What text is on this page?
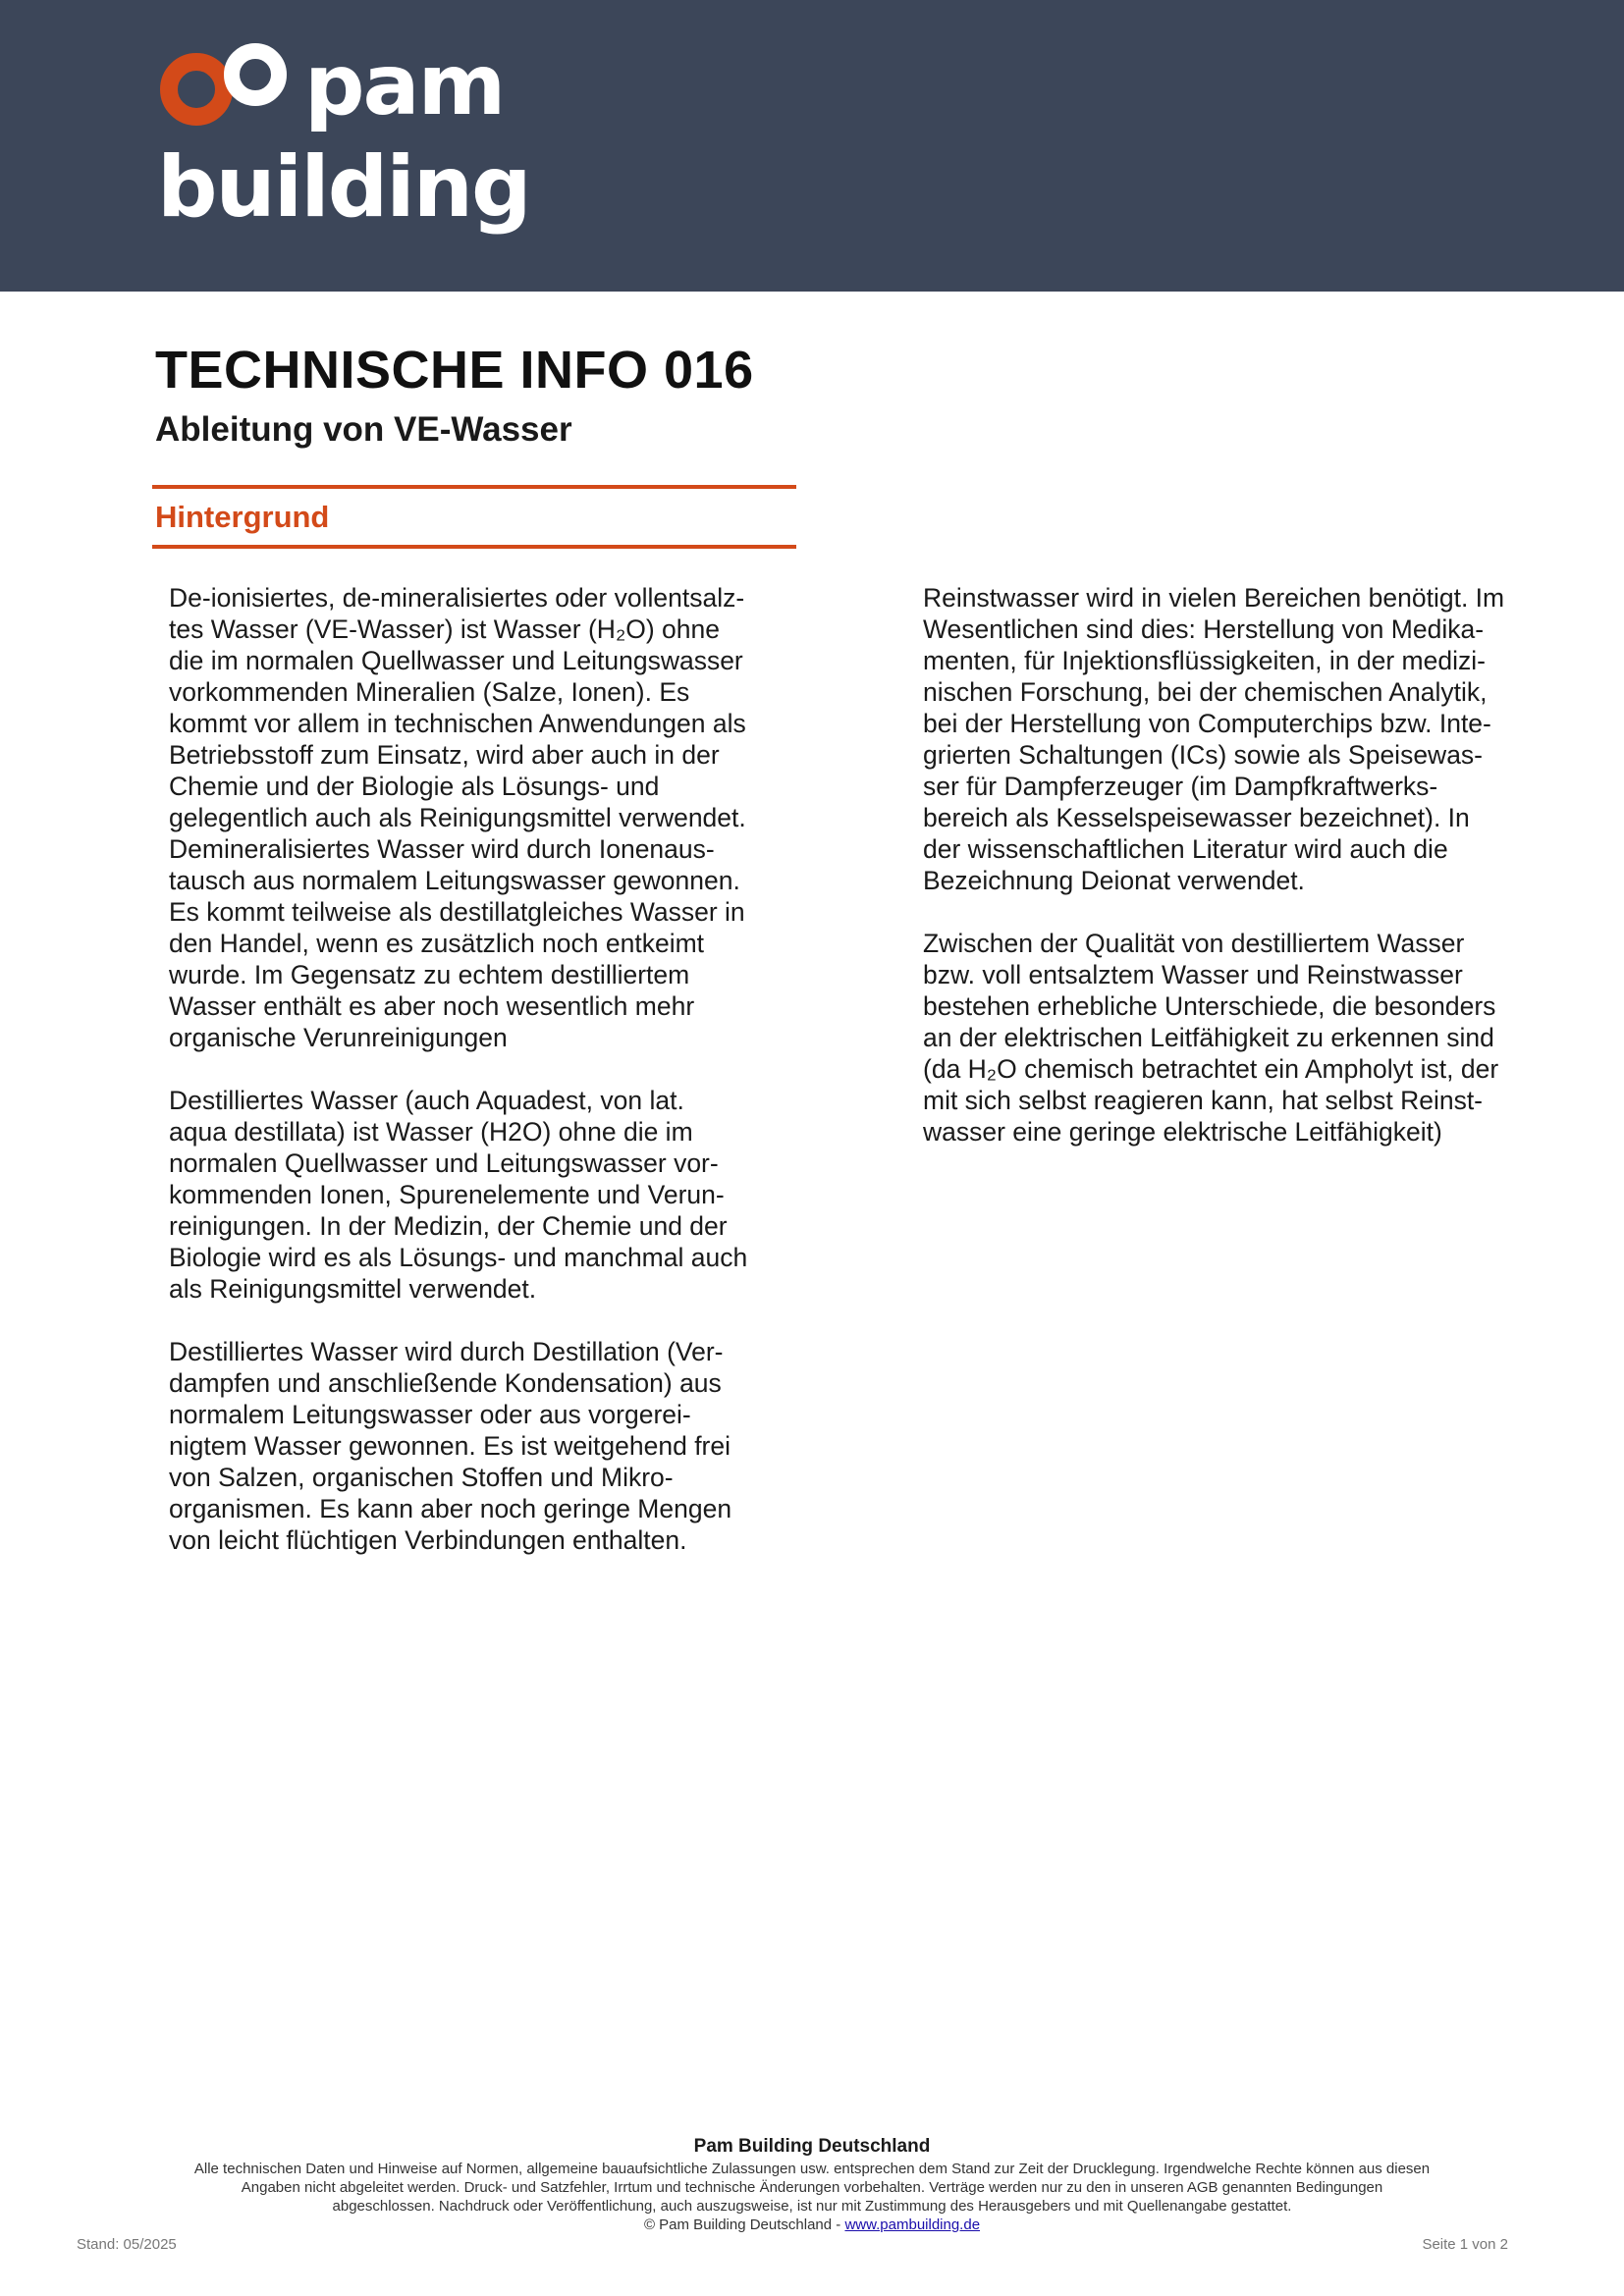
pam
building
TECHNISCHE INFO 016
Ableitung von VE-Wasser
Hintergrund

De-ionisiertes, de-mineralisiertes oder vollentsalz-
tes Wasser (VE-Wasser) ist Wasser (H₂O) ohne
die im normalen Quellwasser und Leitungswasser
vorkommenden Mineralien (Salze, Ionen). Es
kommt vor allem in technischen Anwendungen als
Betriebsstoff zum Einsatz, wird aber auch in der
Chemie und der Biologie als Lösungs- und
gelegentlich auch als Reinigungsmittel verwendet.
Demineralisiertes Wasser wird durch Ionenaus-
tausch aus normalem Leitungswasser gewonnen.
Es kommt teilweise als destillatgleiches Wasser in
den Handel, wenn es zusätzlich noch entkeimt
wurde. Im Gegensatz zu echtem destilliertem
Wasser enthält es aber noch wesentlich mehr
organische Verunreinigungen

Destilliertes Wasser (auch Aquadest, von lat.
aqua destillata) ist Wasser (H2O) ohne die im
normalen Quellwasser und Leitungswasser vor-
kommenden Ionen, Spurenelemente und Verun-
reinigungen. In der Medizin, der Chemie und der
Biologie wird es als Lösungs- und manchmal auch
als Reinigungsmittel verwendet.

Destilliertes Wasser wird durch Destillation (Ver-
dampfen und anschließende Kondensation) aus
normalem Leitungswasser oder aus vorgerei-
nigtem Wasser gewonnen. Es ist weitgehend frei
von Salzen, organischen Stoffen und Mikro-
organismen. Es kann aber noch geringe Mengen
von leicht flüchtigen Verbindungen enthalten.

Reinstwasser wird in vielen Bereichen benötigt. Im
Wesentlichen sind dies: Herstellung von Medika-
menten, für Injektionsflüssigkeiten, in der medizi-
nischen Forschung, bei der chemischen Analytik,
bei der Herstellung von Computerchips bzw. Inte-
grierten Schaltungen (ICs) sowie als Speisewas-
ser für Dampferzeuger (im Dampfkraftwerks-
bereich als Kesselspeisewasser bezeichnet). In
der wissenschaftlichen Literatur wird auch die
Bezeichnung Deionat verwendet.

Zwischen der Qualität von destilliertem Wasser
bzw. voll entsalztem Wasser und Reinstwasser
bestehen erhebliche Unterschiede, die besonders
an der elektrischen Leitfähigkeit zu erkennen sind
(da H₂O chemisch betrachtet ein Ampholyt ist, der
mit sich selbst reagieren kann, hat selbst Reinst-
wasser eine geringe elektrische Leitfähigkeit)

Pam Building Deutschland
Alle technischen Daten und Hinweise auf Normen, allgemeine bauaufsichtliche Zulassungen usw. entsprechen dem Stand zur Zeit der Drucklegung. Irgendwelche Rechte können aus diesen
Angaben nicht abgeleitet werden. Druck- und Satzfehler, Irrtum und technische Änderungen vorbehalten. Verträge werden nur zu den in unseren AGB genannten Bedingungen
abgeschlossen. Nachdruck oder Veröffentlichung, auch auszugsweise, ist nur mit Zustimmung des Herausgebers und mit Quellenangabe gestattet.
© Pam Building Deutschland - www.pambuilding.de
Stand: 05/2025	Seite 1 von 2
